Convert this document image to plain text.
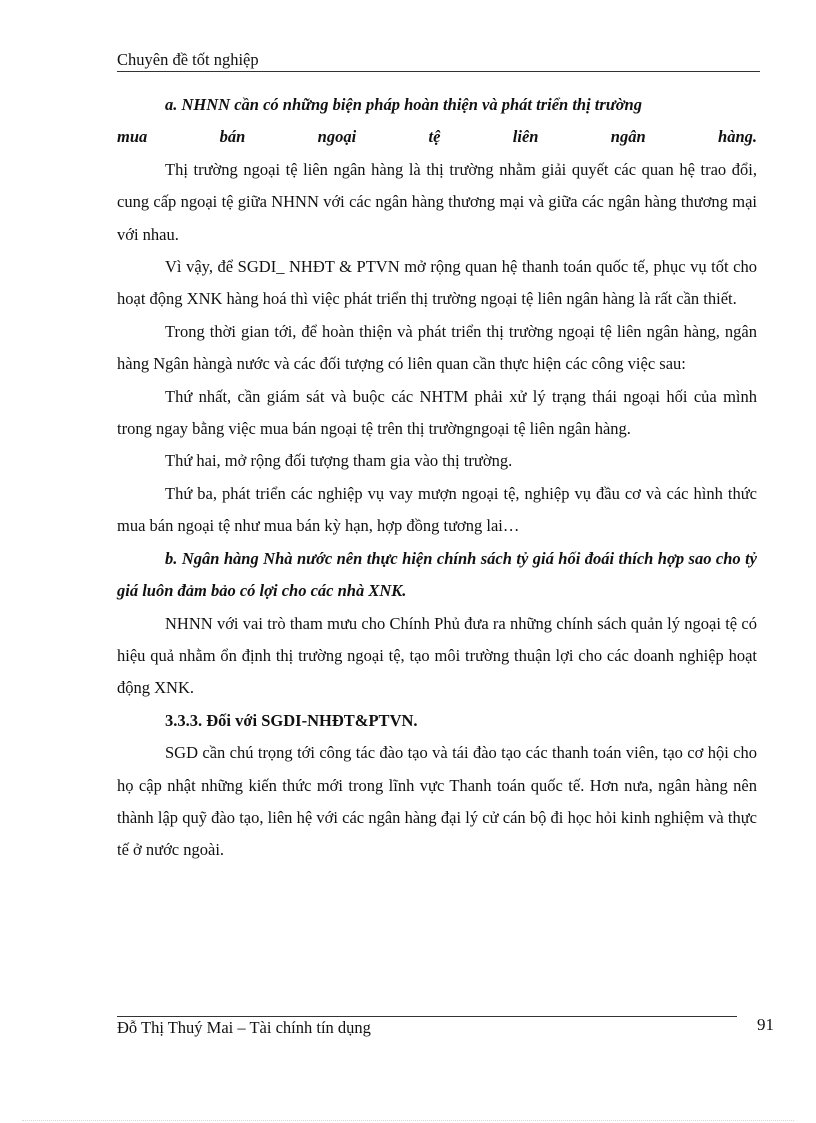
Chuyên đề tốt nghiệp

a. NHNN cần có những biện pháp hoàn thiện và phát triển thị trường

mua bán ngoại tệ liên ngân hàng.

Thị trường ngoại tệ liên ngân hàng là thị trường nhằm giải quyết các quan hệ trao đổi, cung cấp ngoại tệ giữa NHNN với các ngân hàng thương mại và giữa các ngân hàng thương mại với nhau.

Vì vậy, để SGDI_ NHĐT & PTVN mở rộng quan hệ thanh toán quốc tế, phục vụ tốt cho hoạt động XNK hàng hoá thì việc phát triển thị trường ngoại tệ liên ngân hàng là rất cần thiết.

Trong thời gian tới, để hoàn thiện và phát triển thị trường ngoại tệ liên ngân hàng, ngân hàng Ngân hàngà nước và các đối tượng có liên quan cần thực hiện các công việc sau:

Thứ nhất, cần giám sát và buộc các NHTM phải xử lý trạng thái ngoại hối của mình trong ngay bằng việc mua bán ngoại tệ trên thị trườngngoại tệ liên ngân hàng.

Thứ hai, mở rộng đối tượng tham gia vào thị trường.

Thứ ba, phát triển các nghiệp vụ vay mượn ngoại tệ, nghiệp vụ đầu cơ và các hình thức mua bán ngoại tệ như mua bán kỳ hạn, hợp đồng tương lai…

b. Ngân hàng Nhà nước nên thực hiện chính sách tỷ giá hối đoái thích hợp sao cho tỷ giá luôn đảm bảo có lợi cho các nhà XNK.

NHNN với vai trò tham mưu cho Chính Phủ đưa ra những chính sách quản lý ngoại tệ có hiệu quả nhằm ổn định thị trường ngoại tệ, tạo môi trường thuận lợi cho các doanh nghiệp hoạt động XNK.

3.3.3. Đối với SGDI-NHĐT&PTVN.

SGD cần chú trọng tới công tác đào tạo và tái đào tạo các thanh toán viên, tạo cơ hội cho họ cập nhật những kiến thức mới trong lĩnh vực Thanh toán quốc tế. Hơn nưa, ngân hàng nên thành lập quỹ đào tạo, liên hệ với các ngân hàng đại lý cử cán bộ đi học hỏi kinh nghiệm và thực tế ở nước ngoài.

Đỗ Thị Thuý Mai – Tài chính tín dụng	91
